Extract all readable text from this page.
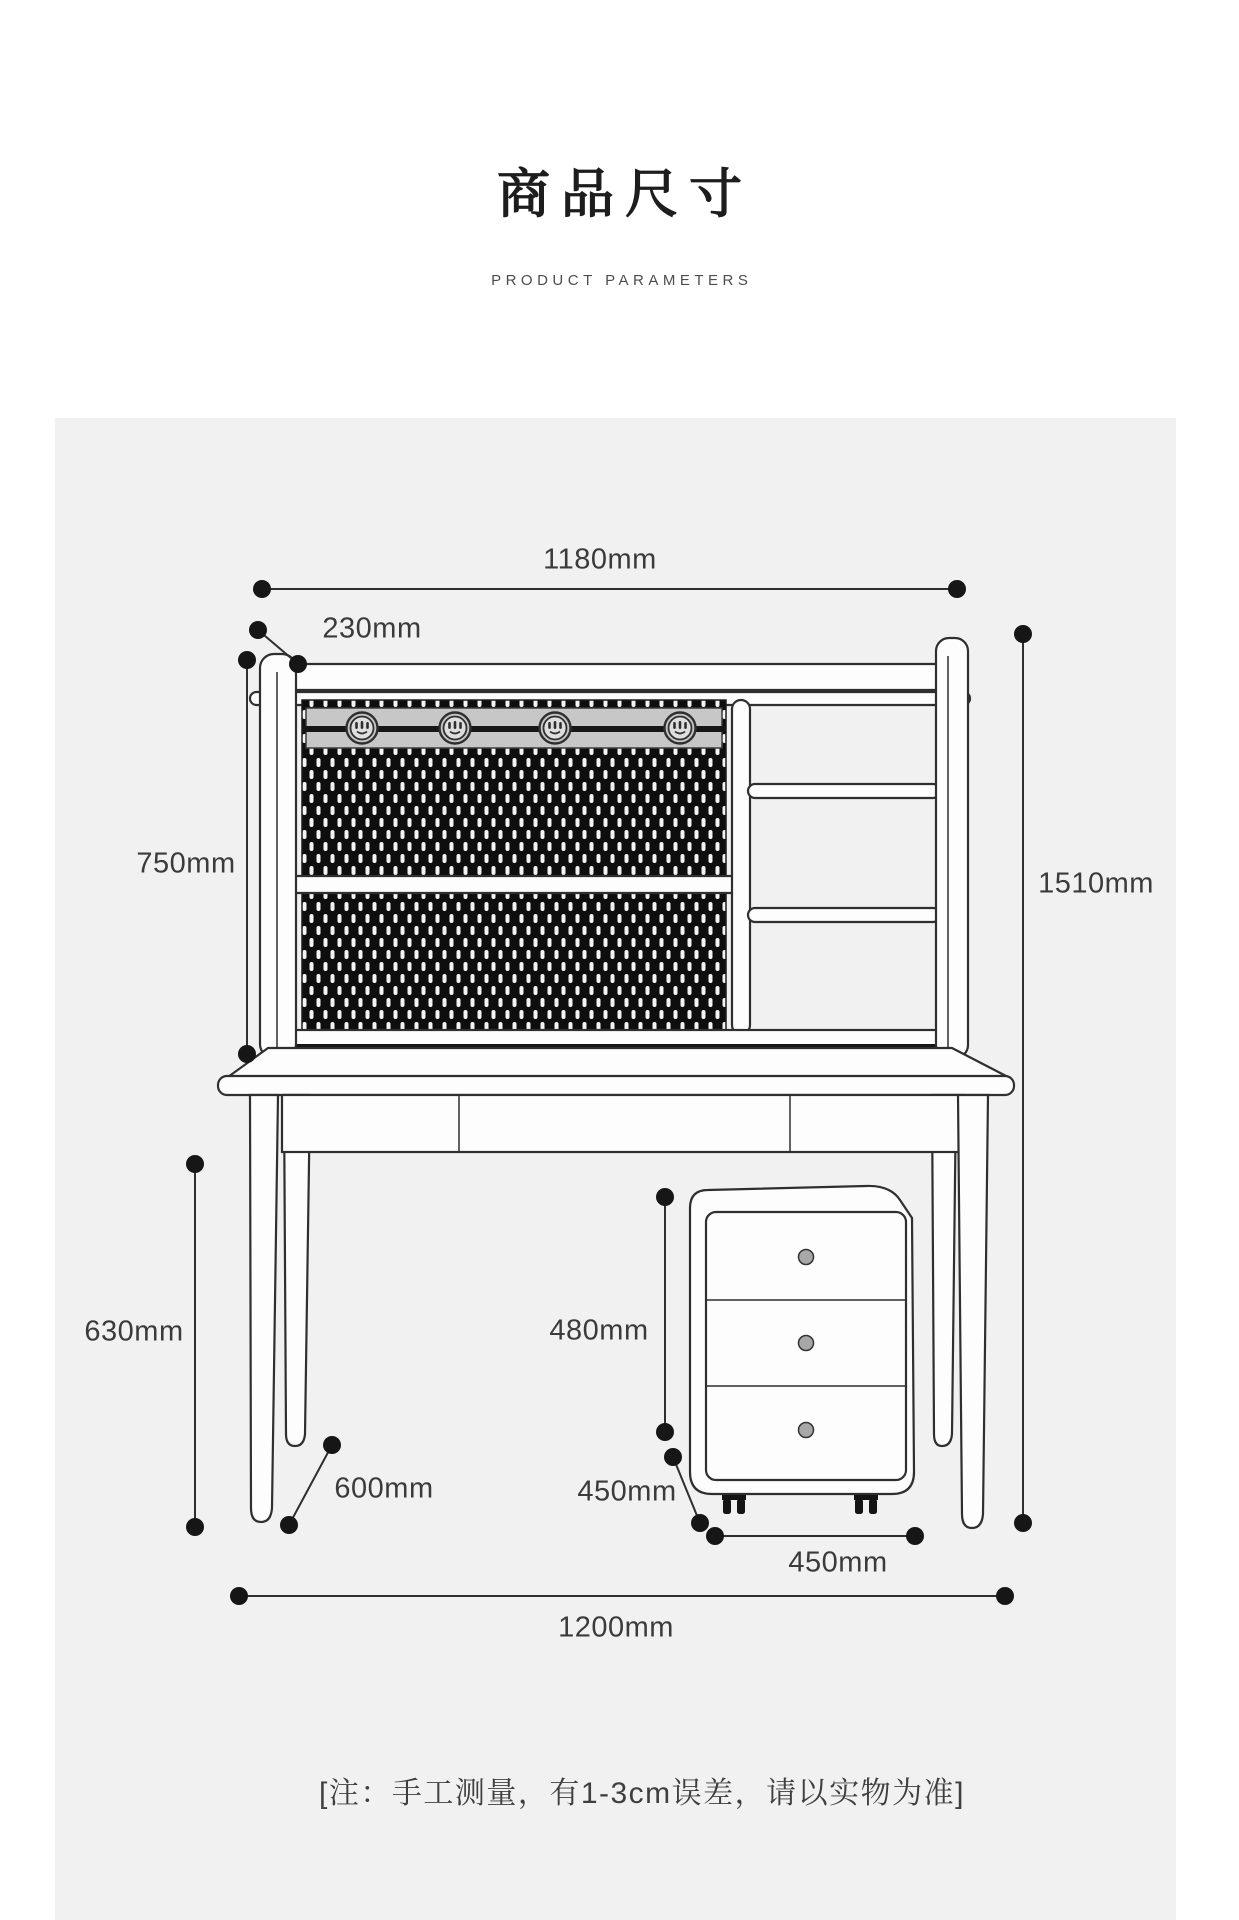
商品尺寸
PRODUCT PARAMETERS
1180mm
230mm
750mm
1510mm
630mm
600mm
480mm
450mm
450mm
1200mm
[注：手工测量，有1-3cm误差，请以实物为准]
